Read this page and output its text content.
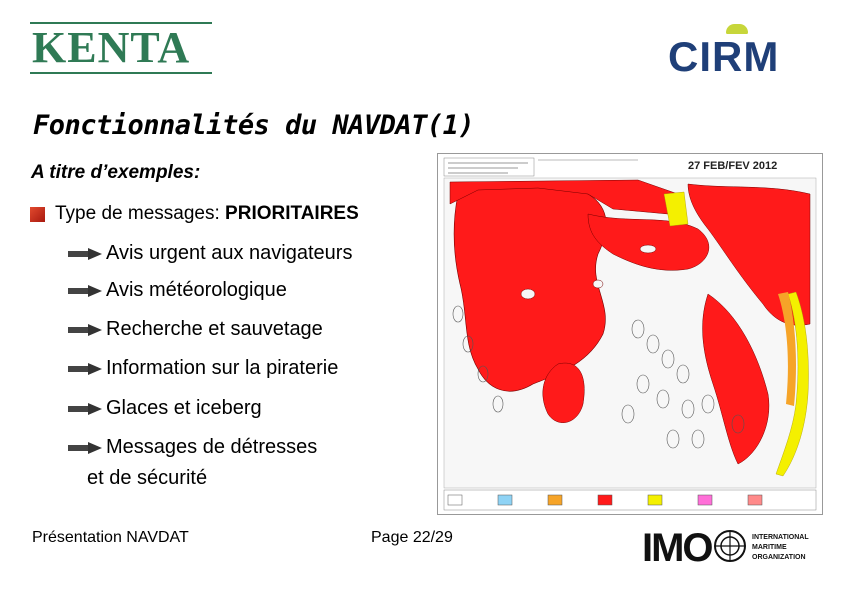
KENTA	CIRM
Fonctionnalités du NAVDAT(1)
A titre d’exemples:
Type de messages: PRIORITAIRES
Avis urgent aux navigateurs
Avis météorologique
Recherche et sauvetage
Information sur la piraterie
Glaces et iceberg
Messages de détresses
et de sécurité
27 FEB/FEV 2012
Présentation NAVDAT	Page 22/29	IMO	INTERNATIONAL
MARITIME
ORGANIZATION
